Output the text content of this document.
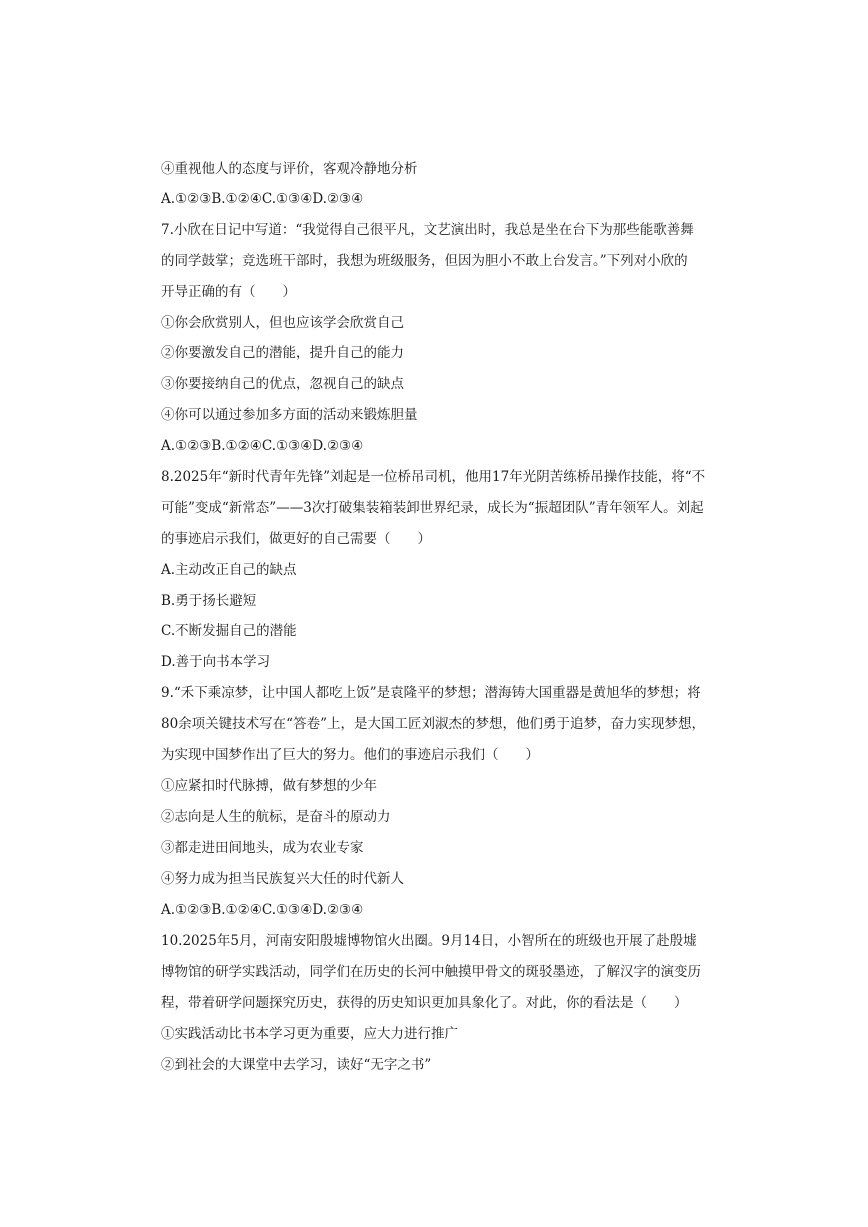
④重视他人的态度与评价，客观冷静地分析
A.①②③B.①②④C.①③④D.②③④
7.小欣在日记中写道：“我觉得自己很平凡，文艺演出时，我总是坐在台下为那些能歌善舞
的同学鼓掌；竞选班干部时，我想为班级服务，但因为胆小不敢上台发言。”下列对小欣的
开导正确的有（　　）
①你会欣赏别人，但也应该学会欣赏自己
②你要激发自己的潜能，提升自己的能力
③你要接纳自己的优点，忽视自己的缺点
④你可以通过参加多方面的活动来锻炼胆量
A.①②③B.①②④C.①③④D.②③④
8.2025年“新时代青年先锋”刘起是一位桥吊司机，他用17年光阴苦练桥吊操作技能，将“不
可能”变成“新常态”——3次打破集装箱装卸世界纪录，成长为“振超团队”青年领军人。刘起
的事迹启示我们，做更好的自己需要（　　）
A.主动改正自己的缺点
B.勇于扬长避短
C.不断发掘自己的潜能
D.善于向书本学习
9.“禾下乘凉梦，让中国人都吃上饭”是袁隆平的梦想；潜海铸大国重器是黄旭华的梦想；将
80余项关键技术写在“答卷”上，是大国工匠刘淑杰的梦想，他们勇于追梦，奋力实现梦想，
为实现中国梦作出了巨大的努力。他们的事迹启示我们（　　）
①应紧扣时代脉搏，做有梦想的少年
②志向是人生的航标，是奋斗的原动力
③都走进田间地头，成为农业专家
④努力成为担当民族复兴大任的时代新人
A.①②③B.①②④C.①③④D.②③④
10.2025年5月，河南安阳殷墟博物馆火出圈。9月14日，小智所在的班级也开展了赴殷墟
博物馆的研学实践活动，同学们在历史的长河中触摸甲骨文的斑驳墨迹，了解汉字的演变历
程，带着研学问题探究历史，获得的历史知识更加具象化了。对此，你的看法是（　　）
①实践活动比书本学习更为重要，应大力进行推广
②到社会的大课堂中去学习，读好“无字之书”
